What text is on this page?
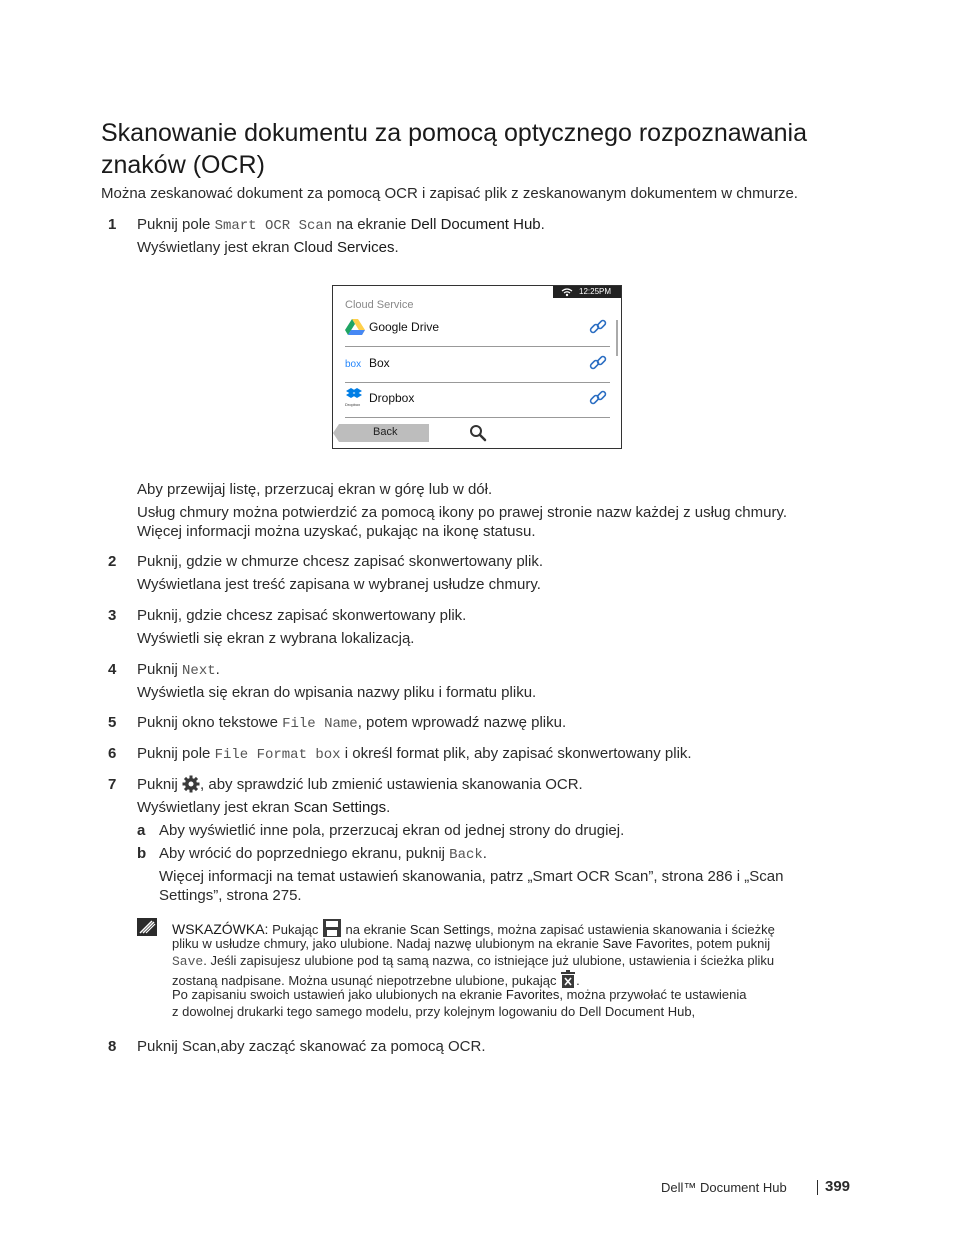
Skanowanie dokumentu za pomocą optycznego rozpoznawania znaków (OCR)
Można zeskanować dokument za pomocą OCR i zapisać plik z zeskanowanym dokumentem w chmurze.
1 Puknij pole Smart OCR Scan na ekranie Dell Document Hub.
Wyświetlany jest ekran Cloud Services.
12:25PM
Cloud Service
Google Drive
box Box
Dropbox Dropbox
Back
Aby przewijaj listę, przerzucaj ekran w górę lub w dół.
Usług chmury można potwierdzić za pomocą ikony po prawej stronie nazw każdej z usług chmury.
Więcej informacji można uzyskać, pukając na ikonę statusu.
2 Puknij, gdzie w chmurze chcesz zapisać skonwertowany plik.
Wyświetlana jest treść zapisana w wybranej usłudze chmury.
3 Puknij, gdzie chcesz zapisać skonwertowany plik.
Wyświetli się ekran z wybrana lokalizacją.
4 Puknij Next.
Wyświetla się ekran do wpisania nazwy pliku i formatu pliku.
5 Puknij okno tekstowe File Name, potem wprowadź nazwę pliku.
6 Puknij pole File Format box i określ format plik, aby zapisać skonwertowany plik.
7 Puknij , aby sprawdzić lub zmienić ustawienia skanowania OCR.
Wyświetlany jest ekran Scan Settings.
a Aby wyświetlić inne pola, przerzucaj ekran od jednej strony do drugiej.
b Aby wrócić do poprzedniego ekranu, puknij Back.
Więcej informacji na temat ustawień skanowania, patrz „Smart OCR Scan”, strona 286 i „Scan
Settings”, strona 275.
WSKAZÓWKA: Pukając  na ekranie Scan Settings, można zapisać ustawienia skanowania i ścieżkę
pliku w usłudze chmury, jako ulubione. Nadaj nazwę ulubionym na ekranie Save Favorites, potem puknij
Save. Jeśli zapisujesz ulubione pod tą samą nazwa, co istniejące już ulubione, ustawienia i ścieżka pliku
zostaną nadpisane. Można usunąć niepotrzebne ulubione, pukając .
Po zapisaniu swoich ustawień jako ulubionych na ekranie Favorites, można przywołać te ustawienia
z dowolnej drukarki tego samego modelu, przy kolejnym logowaniu do Dell Document Hub,
8 Puknij Scan,aby zacząć skanować za pomocą OCR.
Dell™ Document Hub	399
